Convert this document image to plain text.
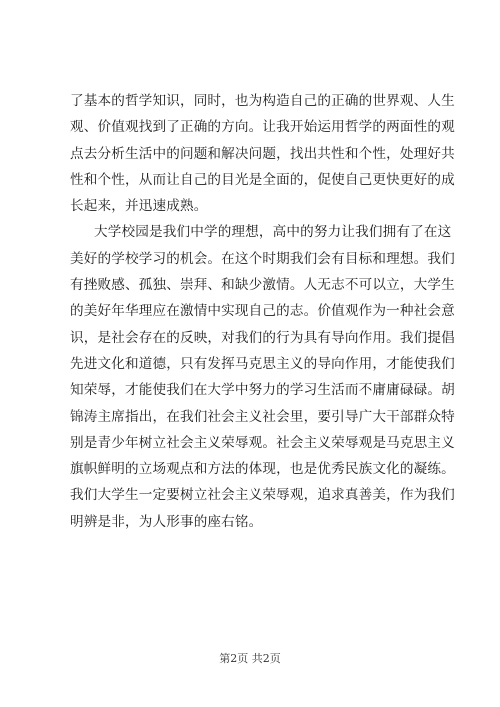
了基本的哲学知识，同时，也为构造自己的正确的世界观、人生
观、价值观找到了正确的方向。让我开始运用哲学的两面性的观
点去分析生活中的问题和解决问题，找出共性和个性，处理好共
性和个性，从而让自己的目光是全面的，促使自己更快更好的成
长起来，并迅速成熟。
大学校园是我们中学的理想，高中的努力让我们拥有了在这
美好的学校学习的机会。在这个时期我们会有目标和理想。我们
有挫败感、孤独、崇拜、和缺少激情。人无志不可以立，大学生
的美好年华理应在激情中实现自己的志。价值观作为一种社会意
识，是社会存在的反映，对我们的行为具有导向作用。我们提倡
先进文化和道德，只有发挥马克思主义的导向作用，才能使我们
知荣辱，才能使我们在大学中努力的学习生活而不庸庸碌碌。胡
锦涛主席指出，在我们社会主义社会里，要引导广大干部群众特
别是青少年树立社会主义荣辱观。社会主义荣辱观是马克思主义
旗帜鲜明的立场观点和方法的体现，也是优秀民族文化的凝练。
我们大学生一定要树立社会主义荣辱观，追求真善美，作为我们
明辨是非，为人形事的座右铭。
第2页 共2页
